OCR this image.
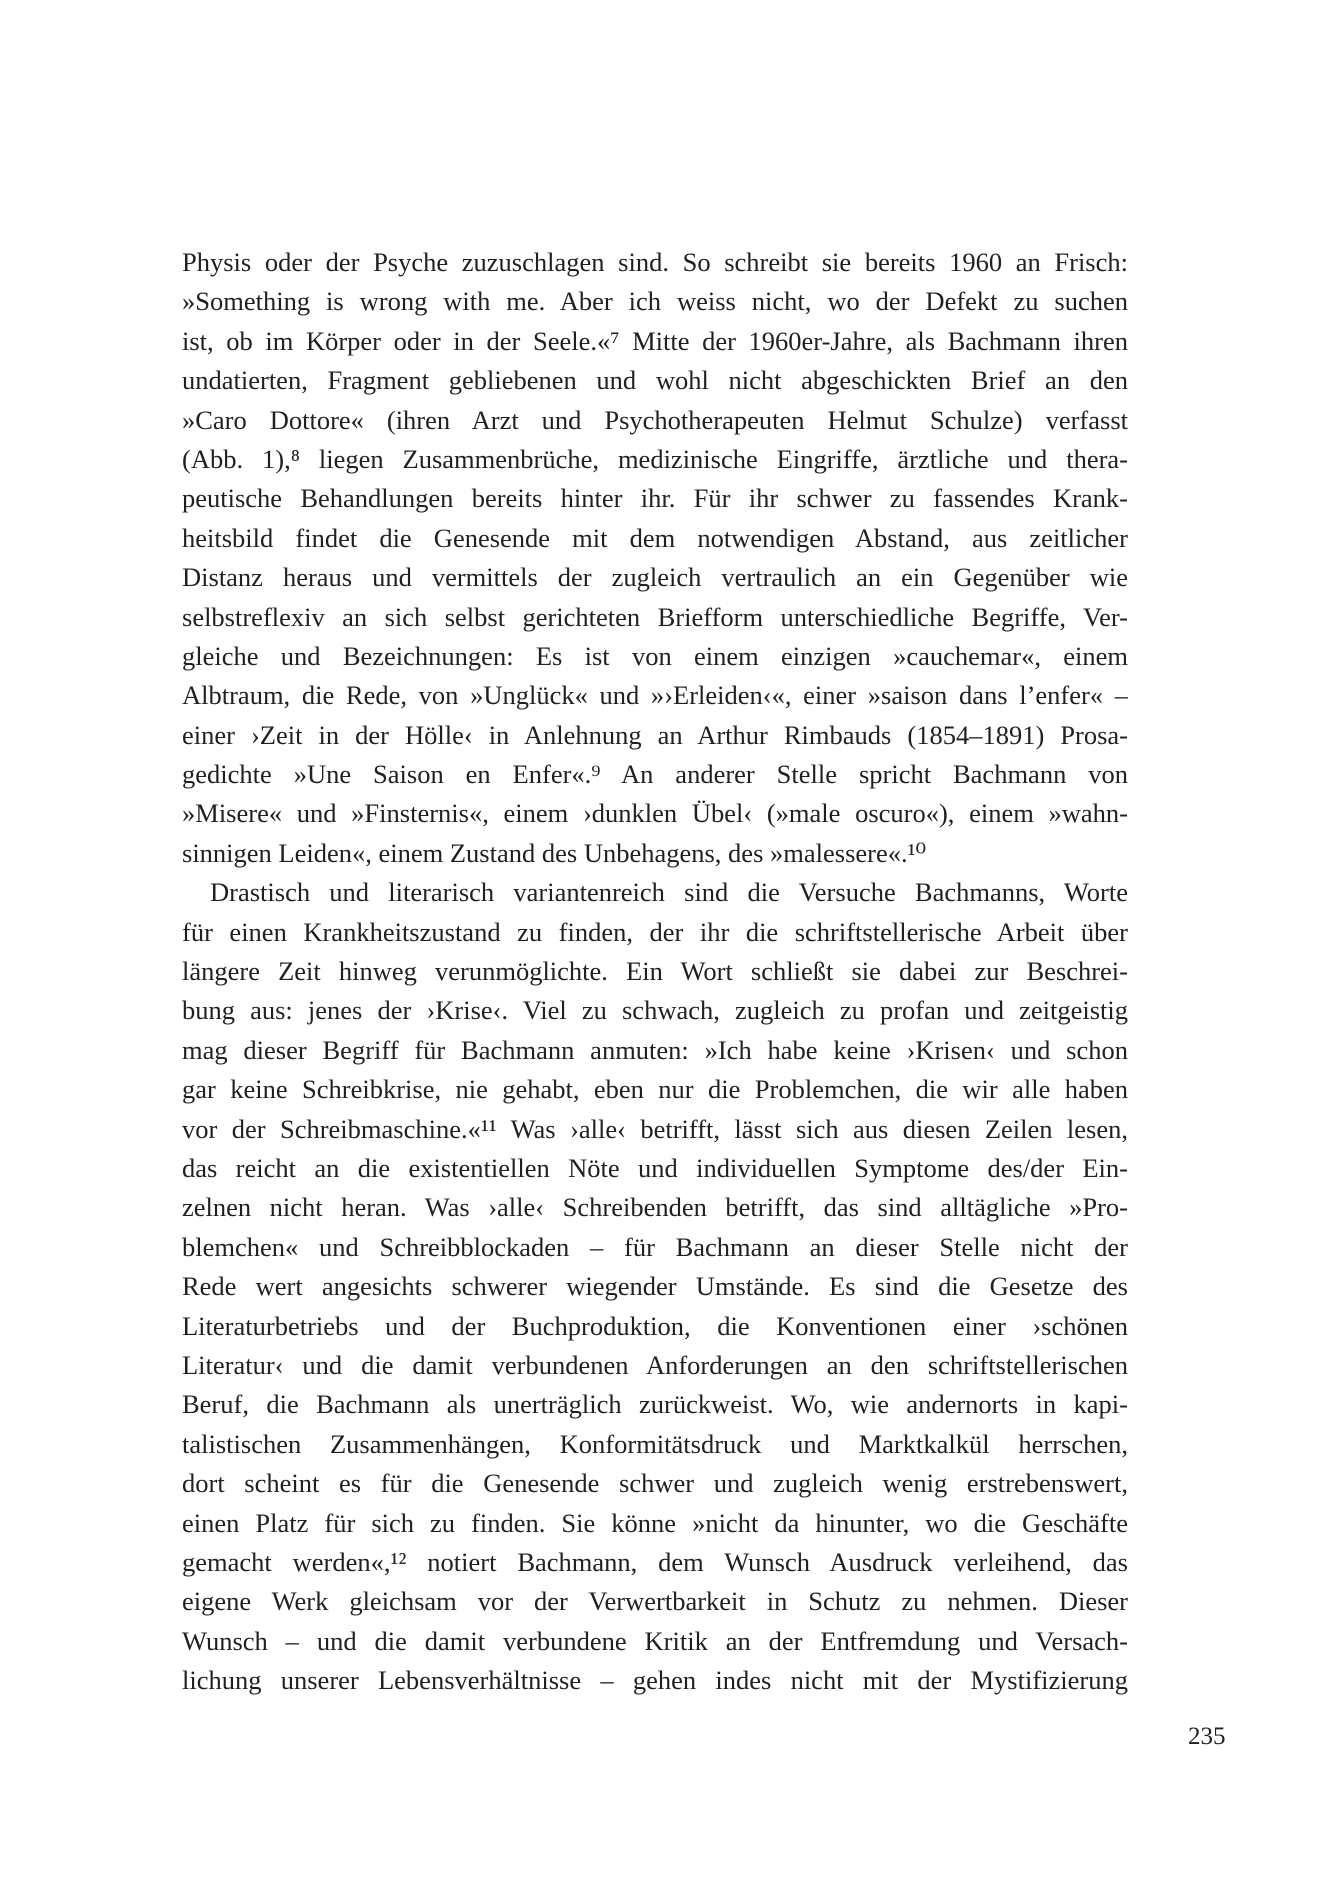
Physis oder der Psyche zuzuschlagen sind. So schreibt sie bereits 1960 an Frisch:
»Something is wrong with me. Aber ich weiss nicht, wo der Defekt zu suchen
ist, ob im Körper oder in der Seele.«⁷ Mitte der 1960er-Jahre, als Bachmann ihren
undatierten, Fragment gebliebenen und wohl nicht abgeschickten Brief an den
»Caro Dottore« (ihren Arzt und Psychotherapeuten Helmut Schulze) verfasst
(Abb. 1),⁸ liegen Zusammenbrüche, medizinische Eingriffe, ärztliche und thera-
peutische Behandlungen bereits hinter ihr. Für ihr schwer zu fassendes Krank-
heitsbild findet die Genesende mit dem notwendigen Abstand, aus zeitlicher
Distanz heraus und vermittels der zugleich vertraulich an ein Gegenüber wie
selbstreflexiv an sich selbst gerichteten Briefform unterschiedliche Begriffe, Ver-
gleiche und Bezeichnungen: Es ist von einem einzigen »cauchemar«, einem
Albtraum, die Rede, von »Unglück« und »›Erleiden‹«, einer »saison dans l’enfer« –
einer ›Zeit in der Hölle‹ in Anlehnung an Arthur Rimbauds (1854–1891) Prosa-
gedichte »Une Saison en Enfer«.⁹ An anderer Stelle spricht Bachmann von
»Misere« und »Finsternis«, einem ›dunklen Übel‹ (»male oscuro«), einem »wahn-
sinnigen Leiden«, einem Zustand des Unbehagens, des »malessere«.¹⁰
Drastisch und literarisch variantenreich sind die Versuche Bachmanns, Worte
für einen Krankheitszustand zu finden, der ihr die schriftstellerische Arbeit über
längere Zeit hinweg verunmöglichte. Ein Wort schließt sie dabei zur Beschrei-
bung aus: jenes der ›Krise‹. Viel zu schwach, zugleich zu profan und zeitgeistig
mag dieser Begriff für Bachmann anmuten: »Ich habe keine ›Krisen‹ und schon
gar keine Schreibkrise, nie gehabt, eben nur die Problemchen, die wir alle haben
vor der Schreibmaschine.«¹¹ Was ›alle‹ betrifft, lässt sich aus diesen Zeilen lesen,
das reicht an die existentiellen Nöte und individuellen Symptome des/der Ein-
zelnen nicht heran. Was ›alle‹ Schreibenden betrifft, das sind alltägliche »Pro-
blemchen« und Schreibblockaden – für Bachmann an dieser Stelle nicht der
Rede wert angesichts schwerer wiegender Umstände. Es sind die Gesetze des
Literaturbetriebs und der Buchproduktion, die Konventionen einer ›schönen
Literatur‹ und die damit verbundenen Anforderungen an den schriftstellerischen
Beruf, die Bachmann als unerträglich zurückweist. Wo, wie andernorts in kapi-
talistischen Zusammenhängen, Konformitätsdruck und Marktkalkül herrschen,
dort scheint es für die Genesende schwer und zugleich wenig erstrebenswert,
einen Platz für sich zu finden. Sie könne »nicht da hinunter, wo die Geschäfte
gemacht werden«,¹² notiert Bachmann, dem Wunsch Ausdruck verleihend, das
eigene Werk gleichsam vor der Verwertbarkeit in Schutz zu nehmen. Dieser
Wunsch – und die damit verbundene Kritik an der Entfremdung und Versach-
lichung unserer Lebensverhältnisse – gehen indes nicht mit der Mystifizierung
235
